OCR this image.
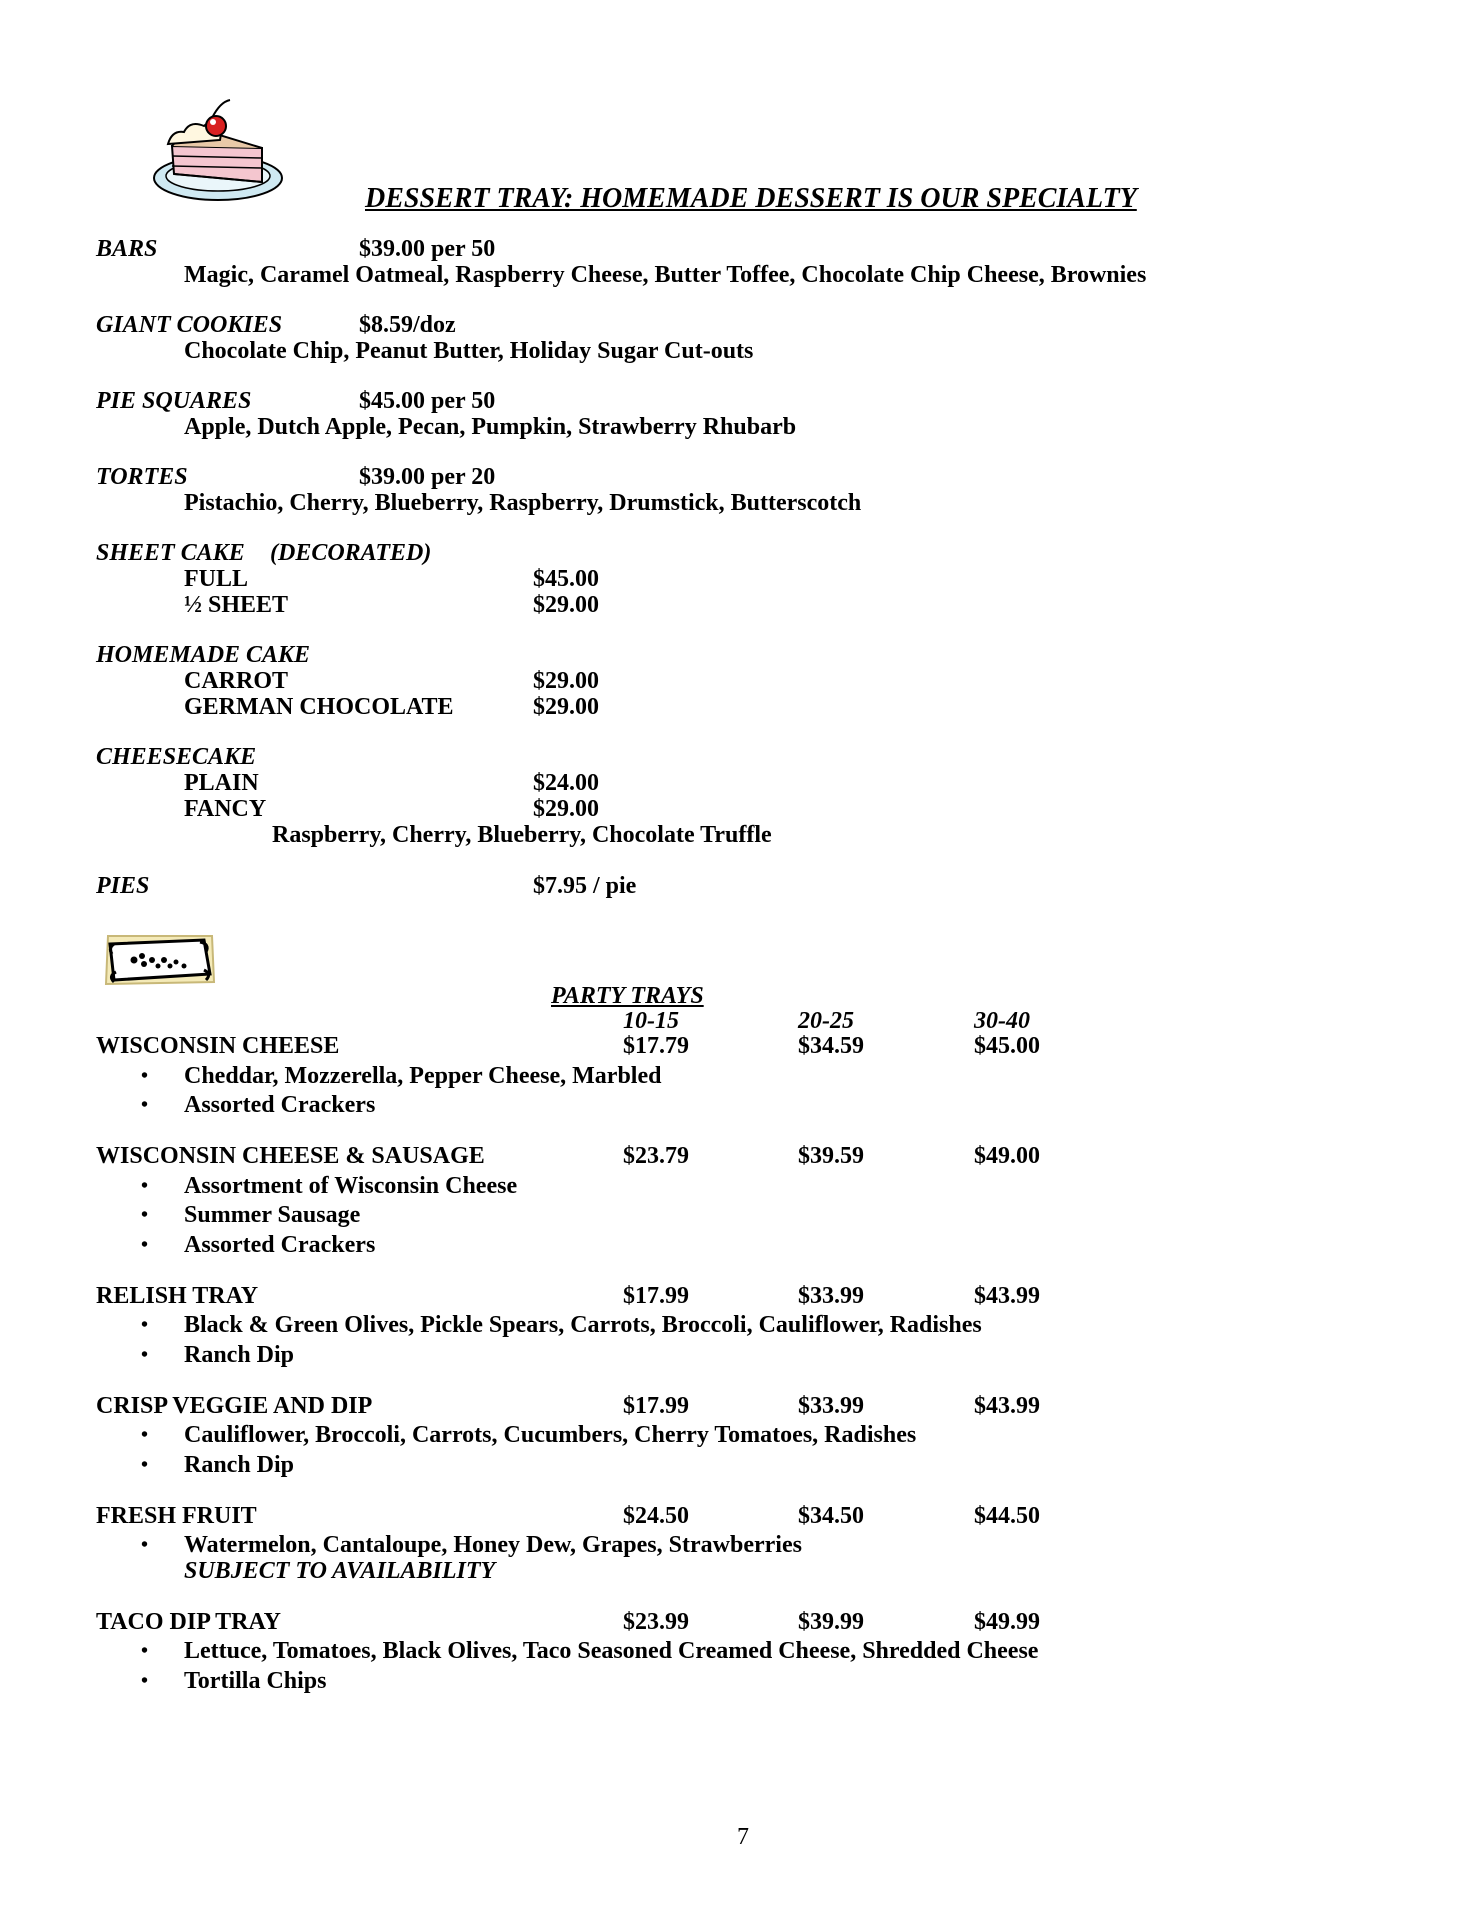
DESSERT TRAY: HOMEMADE DESSERT IS OUR SPECIALTY
BARS	$39.00 per 50
Magic, Caramel Oatmeal, Raspberry Cheese, Butter Toffee, Chocolate Chip Cheese, Brownies
GIANT COOKIES	$8.59/doz
Chocolate Chip, Peanut Butter, Holiday Sugar Cut-outs
PIE SQUARES	$45.00 per 50
Apple, Dutch Apple, Pecan, Pumpkin, Strawberry Rhubarb
TORTES	$39.00 per 20
Pistachio, Cherry, Blueberry, Raspberry, Drumstick, Butterscotch
SHEET CAKE (DECORATED)
FULL	$45.00
½ SHEET	$29.00
HOMEMADE CAKE
CARROT	$29.00
GERMAN CHOCOLATE	$29.00
CHEESECAKE
PLAIN	$24.00
FANCY	$29.00
Raspberry, Cherry, Blueberry, Chocolate Truffle
PIES	$7.95 / pie
PARTY TRAYS
10-15	20-25	30-40
WISCONSIN CHEESE	$17.79	$34.59	$45.00
• Cheddar, Mozzerella, Pepper Cheese, Marbled
• Assorted Crackers
WISCONSIN CHEESE & SAUSAGE	$23.79	$39.59	$49.00
• Assortment of Wisconsin Cheese
• Summer Sausage
• Assorted Crackers
RELISH TRAY	$17.99	$33.99	$43.99
• Black & Green Olives, Pickle Spears, Carrots, Broccoli, Cauliflower, Radishes
• Ranch Dip
CRISP VEGGIE AND DIP	$17.99	$33.99	$43.99
• Cauliflower, Broccoli, Carrots, Cucumbers, Cherry Tomatoes, Radishes
• Ranch Dip
FRESH FRUIT	$24.50	$34.50	$44.50
• Watermelon, Cantaloupe, Honey Dew, Grapes, Strawberries
SUBJECT TO AVAILABILITY
TACO DIP TRAY	$23.99	$39.99	$49.99
• Lettuce, Tomatoes, Black Olives, Taco Seasoned Creamed Cheese, Shredded Cheese
• Tortilla Chips
7
